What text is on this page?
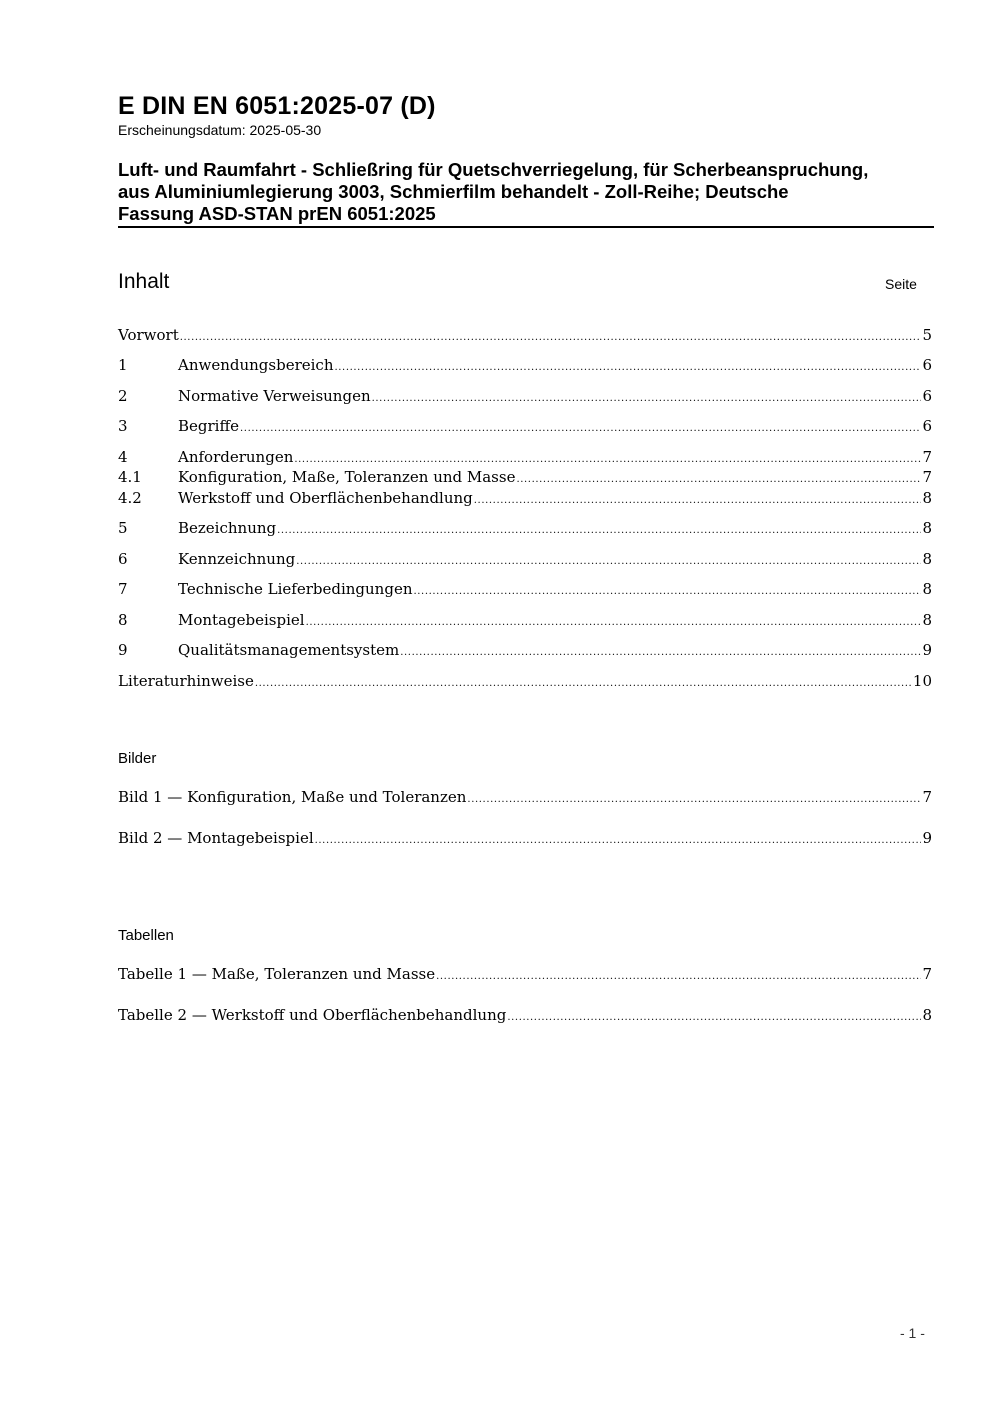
E DIN EN 6051:2025-07 (D)
Erscheinungsdatum: 2025-05-30
Luft- und Raumfahrt - Schließring für Quetschverriegelung, für Scherbeanspruchung,
aus Aluminiumlegierung 3003, Schmierfilm behandelt - Zoll-Reihe; Deutsche
Fassung ASD-STAN prEN 6051:2025
Inhalt	Seite
Vorwort .....	5
1	Anwendungsbereich .....	6
2	Normative Verweisungen .....	6
3	Begriffe .....	6
4	Anforderungen .....	7
4.1	Konfiguration, Maße, Toleranzen und Masse .....	7
4.2	Werkstoff und Oberflächenbehandlung .....	8
5	Bezeichnung .....	8
6	Kennzeichnung .....	8
7	Technische Lieferbedingungen .....	8
8	Montagebeispiel .....	8
9	Qualitätsmanagementsystem .....	9
Literaturhinweise .....	10
Bilder
Bild 1 — Konfiguration, Maße und Toleranzen .....	7
Bild 2 — Montagebeispiel .....	9
Tabellen
Tabelle 1 — Maße, Toleranzen und Masse .....	7
Tabelle 2 — Werkstoff und Oberflächenbehandlung .....	8
- 1 -
